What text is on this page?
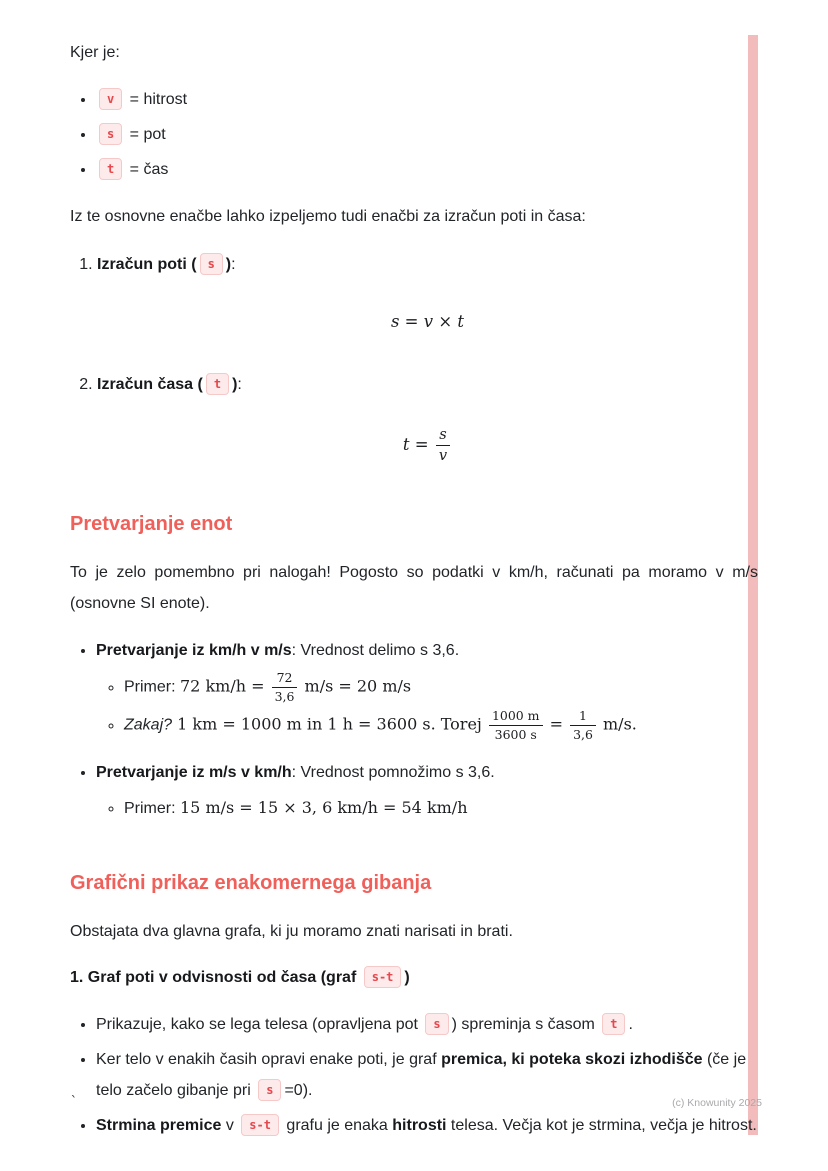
Kjer je:

• v = hitrost
• s = pot
• t = čas

Iz te osnovne enačbe lahko izpeljemo tudi enačbi za izračun poti in časa:

1. Izračun poti ( s ):
s = v × t
2. Izračun časa ( t ):
$t = \frac{s}{v}$
Pretvarjanje enot

To je zelo pomembno pri nalogah! Pogosto so podatki v km/h, računati pa moramo v m/s (osnovne SI enote).

• Pretvarjanje iz km/h v m/s: Vrednost delimo s 3,6.
◦ Primer: 72 $km/h = \frac{72}{3,6} m/s = 20$ m/s
◦ Zakaj? 1 km = 1000 m in 1 h = 3600 s. Torej $\frac{1000 m}{3600 s} = \frac{1}{3,6} m/s$.
• Pretvarjanje iz m/s v km/h: Vrednost pomnožimo s 3,6.
◦ Primer: 15 m/s = 15 × 3, 6 km/h = 54 km/h
Grafični prikaz enakomernega gibanja

Obstajata dva glavna grafa, ki ju moramo znati narisati in brati.

1. Graf poti v odvisnosti od časa (graf s-t )

• Prikazuje, kako se lega telesa (opravljena pot s ) spreminja s časom t .
• Ker telo v enakih časih opravi enake poti, je graf premica, ki poteka skozi izhodišče (če je telo začelo gibanje pri s =0).
• Strmina premice v s-t grafu je enaka hitrosti telesa. Večja kot je strmina, večja je hitrost.
`	(c) Knowunity 2025
